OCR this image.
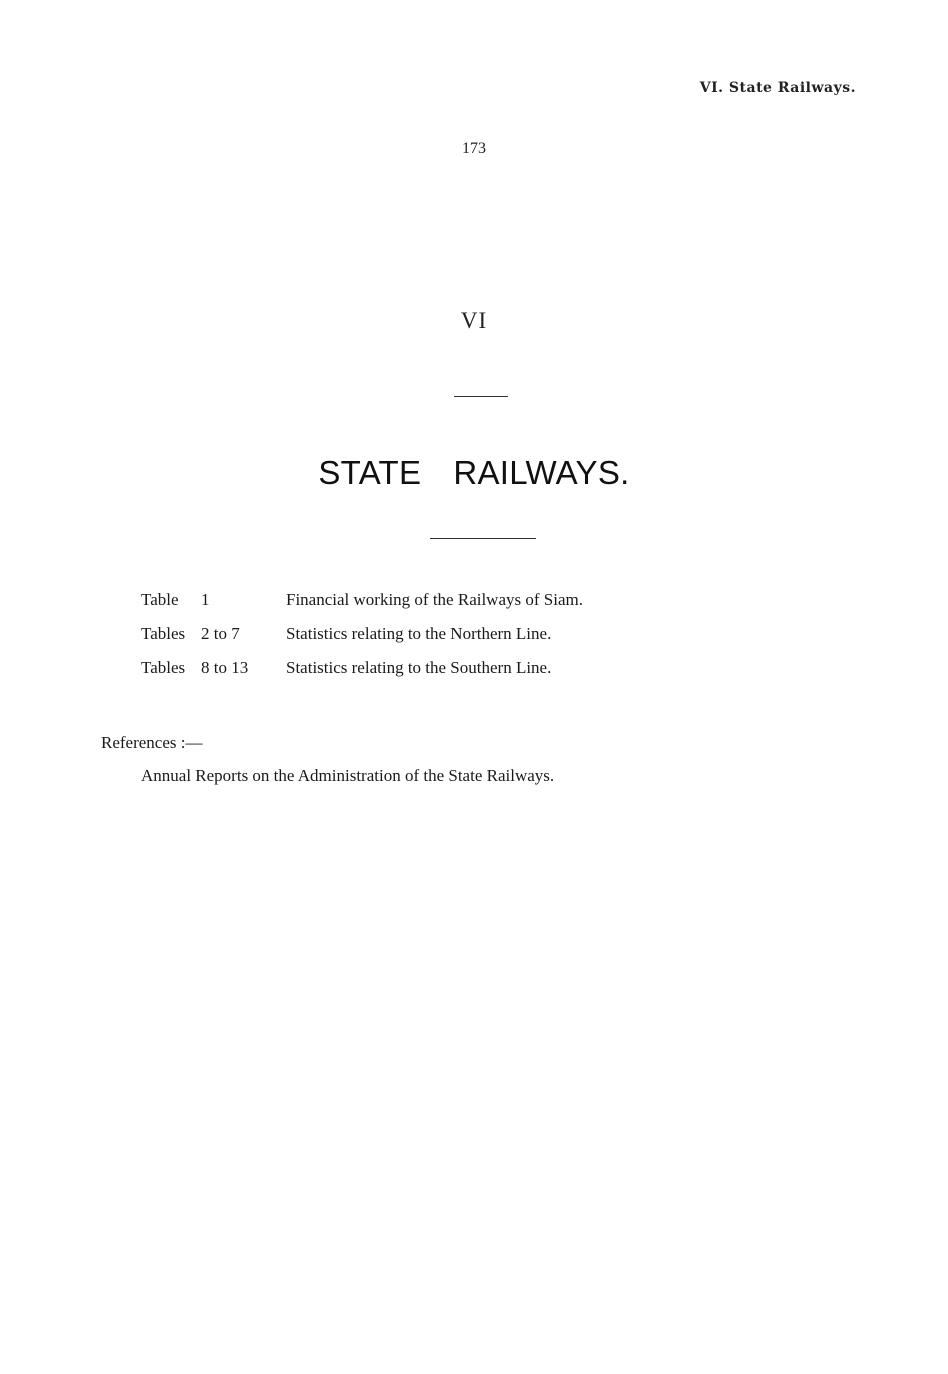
VI. State Railways.
173
VI
STATE RAILWAYS.
Table	1	Financial working of the Railways of Siam.
Tables 2 to 7	Statistics relating to the Northern Line.
Tables 8 to 13	Statistics relating to the Southern Line.
References :—
Annual Reports on the Administration of the State Railways.
